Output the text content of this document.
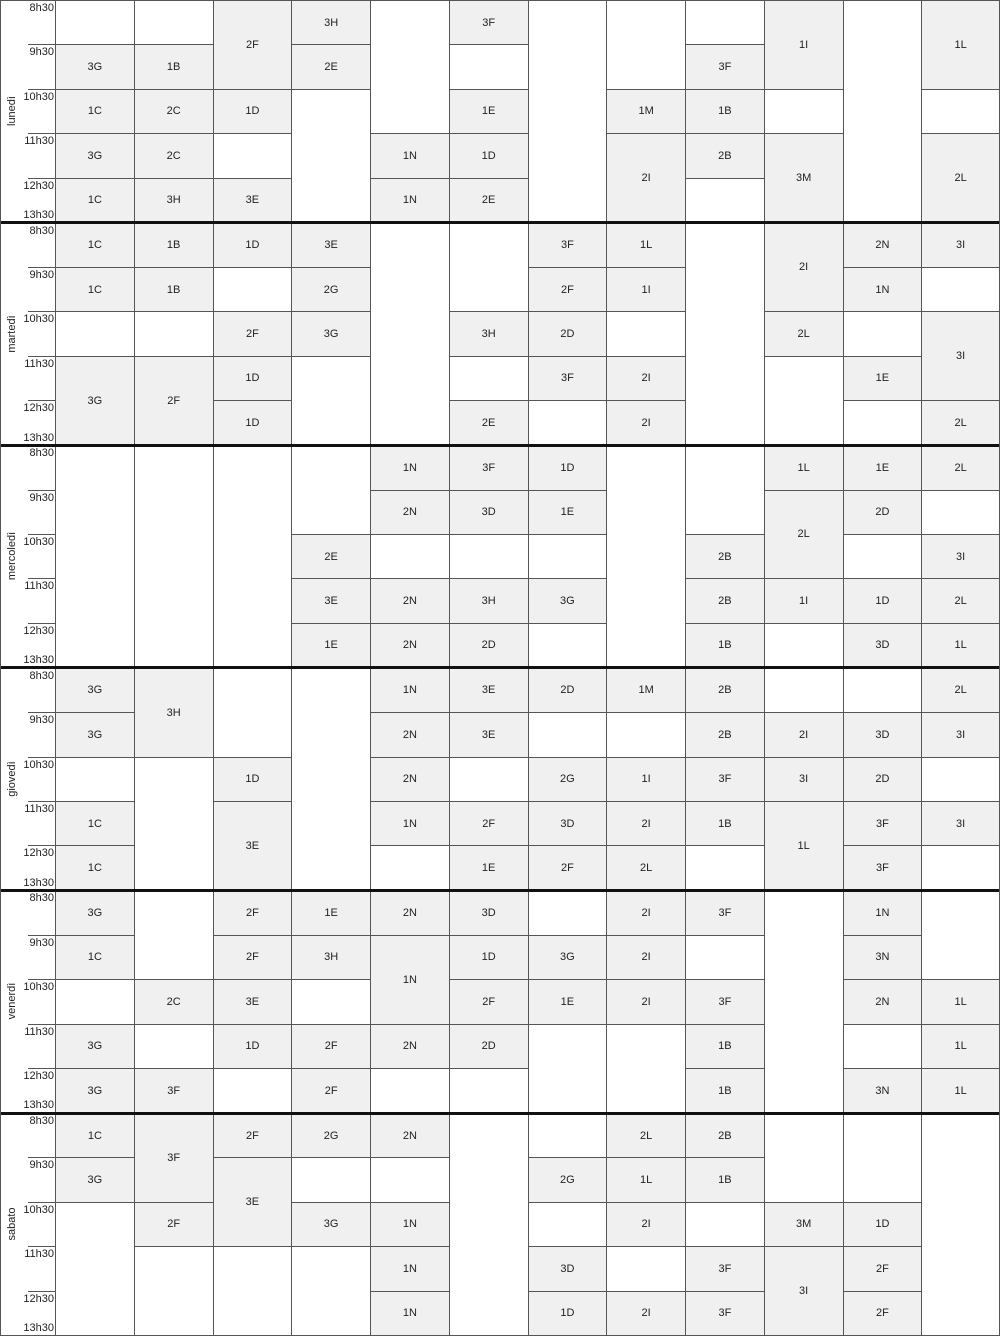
lunedì
8h30
9h30
10h30
11h30
12h30
13h30
3G
1C
3G
1C
1B
2C
2C
3H
2F
1D
3E
3H
2E
1N
1N
3F
1E
1D
2E
1M
2I
3F
1B
2B
1I
3M
1L
2L
martedì
8h30
9h30
10h30
11h30
12h30
13h30
1C
1C
3G
1B
1B
2F
1D
2F
1D
1D
3E
2G
3G	3H
2E
3F
2F
2D
3F
1L
1I
2I
2I
2I
2L
2N
1N
1E
3I
3I
2L
mercoledì
8h30
9h30
10h30
11h30
12h30
13h30
2E
3E
1E
1N
2N
2N
2N
3F
3D
3H
2D
1D
1E
3G
2B
2B
1B
1L
2L
1I
1E
2D
1D
3D
2L
3I
2L
1L
giovedì
8h30
9h30
10h30
11h30
12h30
13h30
3G
3G
1C
1C
3H
1D
3E
1N
2N
2N
1N
3E
3E
2F
1E
2D
2G
3D
2F
1M
1I
2I
2L
2B
2B
3F
1B
2I
3I
1L
3D
2D
3F
3F
2L
3I
3I
venerdì
8h30
9h30
10h30
11h30
12h30
13h30
3G
1C
3G
3G
2C
3F
2F
2F
3E
1D
1E
3H
2F
2F
2N
1N
2N
3D
1D
2F
2D
3G
1E
2I
2I
2I
3F
3F
1B
1B
1N
3N
2N
3N
1L
1L
1L
sabato
8h30
9h30
10h30
11h30
12h30
13h30
1C
3G
3F
2F
2F
3E
2G
3G
2N
1N
1N
1N
2G
3D
1D
2L
1L
2I
2I
2B
1B
3F
3F
3M
3I
1D
2F
2F
